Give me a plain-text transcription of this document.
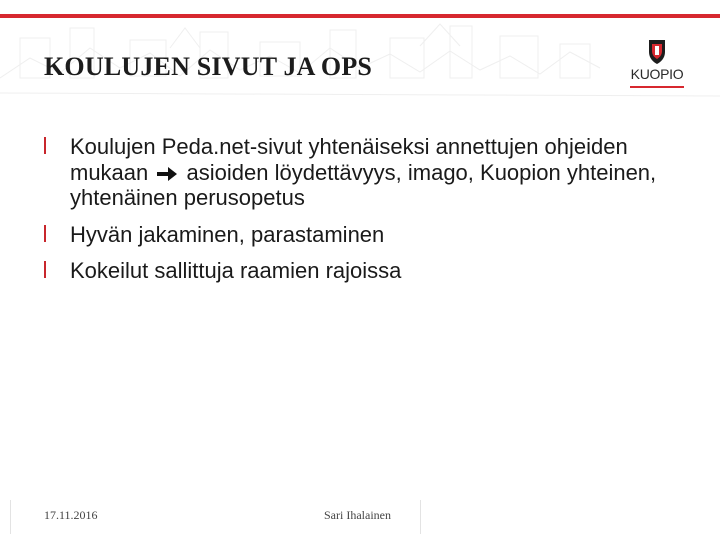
KOULUJEN SIVUT JA OPS	KUOPIO
Koulujen Peda.net-sivut yhtenäiseksi annettujen ohjeiden mukaan asioiden löydettävyys, imago, Kuopion yhteinen, yhtenäinen perusopetus
Hyvän jakaminen, parastaminen
Kokeilut sallittuja raamien rajoissa
17.11.2016	Sari Ihalainen
